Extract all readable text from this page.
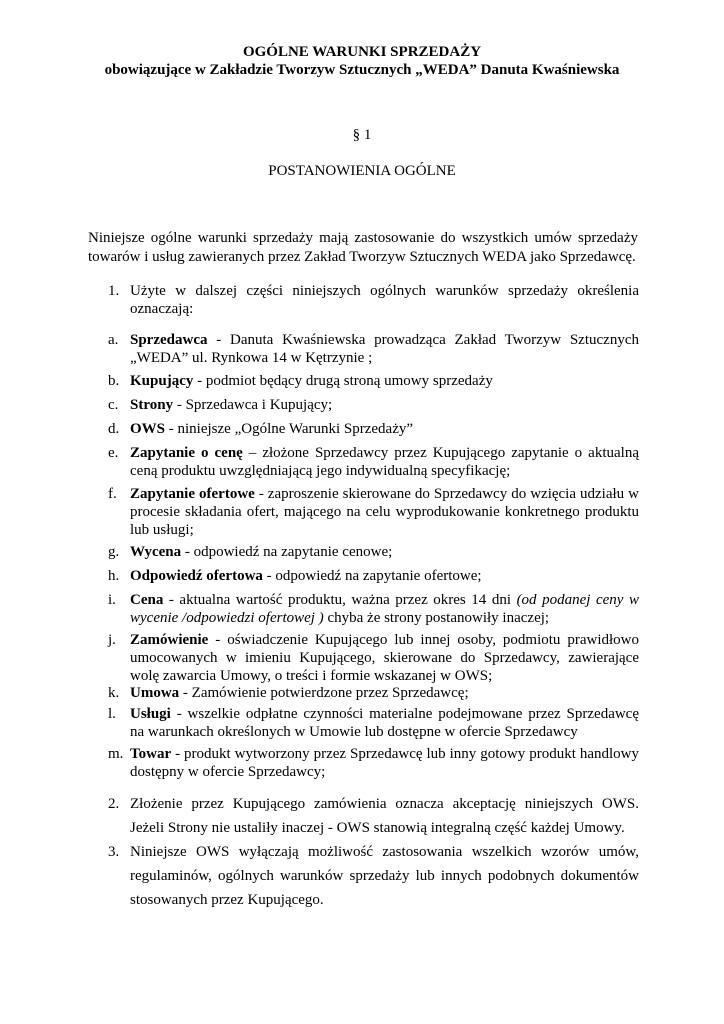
OGÓLNE WARUNKI SPRZEDAŻY
obowiązujące w Zakładzie Tworzyw Sztucznych „WEDA” Danuta Kwaśniewska
§ 1
POSTANOWIENIA OGÓLNE
Niniejsze ogólne warunki sprzedaży mają zastosowanie do wszystkich umów sprzedaży towarów i usług zawieranych przez Zakład Tworzyw Sztucznych WEDA jako Sprzedawcę.
1. Użyte w dalszej części niniejszych ogólnych warunków sprzedaży określenia oznaczają:
a. Sprzedawca - Danuta Kwaśniewska prowadząca Zakład Tworzyw Sztucznych „WEDA” ul. Rynkowa 14 w Kętrzynie ;
b. Kupujący - podmiot będący drugą stroną umowy sprzedaży
c. Strony - Sprzedawca i Kupujący;
d. OWS - niniejsze „Ogólne Warunki Sprzedaży”
e. Zapytanie o cenę – złożone Sprzedawcy przez Kupującego zapytanie o aktualną ceną produktu uwzględniającą jego indywidualną specyfikację;
f. Zapytanie ofertowe - zaproszenie skierowane do Sprzedawcy do wzięcia udziału w procesie składania ofert, mającego na celu wyprodukowanie konkretnego produktu lub usługi;
g. Wycena - odpowiedź na zapytanie cenowe;
h. Odpowiedź ofertowa - odpowiedź na zapytanie ofertowe;
i. Cena - aktualna wartość produktu, ważna przez okres 14 dni (od podanej ceny w wycenie /odpowiedzi ofertowej ) chyba że strony postanowiły inaczej;
j. Zamówienie - oświadczenie Kupującego lub innej osoby, podmiotu prawidłowo umocowanych w imieniu Kupującego, skierowane do Sprzedawcy, zawierające wolę zawarcia Umowy, o treści i formie wskazanej w OWS;
k. Umowa - Zamówienie potwierdzone przez Sprzedawcę;
l. Usługi - wszelkie odpłatne czynności materialne podejmowane przez Sprzedawcę na warunkach określonych w Umowie lub dostępne w ofercie Sprzedawcy
m. Towar - produkt wytworzony przez Sprzedawcę lub inny gotowy produkt handlowy dostępny w ofercie Sprzedawcy;
2. Złożenie przez Kupującego zamówienia oznacza akceptację niniejszych OWS. Jeżeli Strony nie ustaliły inaczej - OWS stanowią integralną część każdej Umowy.
3. Niniejsze OWS wyłączają możliwość zastosowania wszelkich wzorów umów, regulaminów, ogólnych warunków sprzedaży lub innych podobnych dokumentów stosowanych przez Kupującego.
